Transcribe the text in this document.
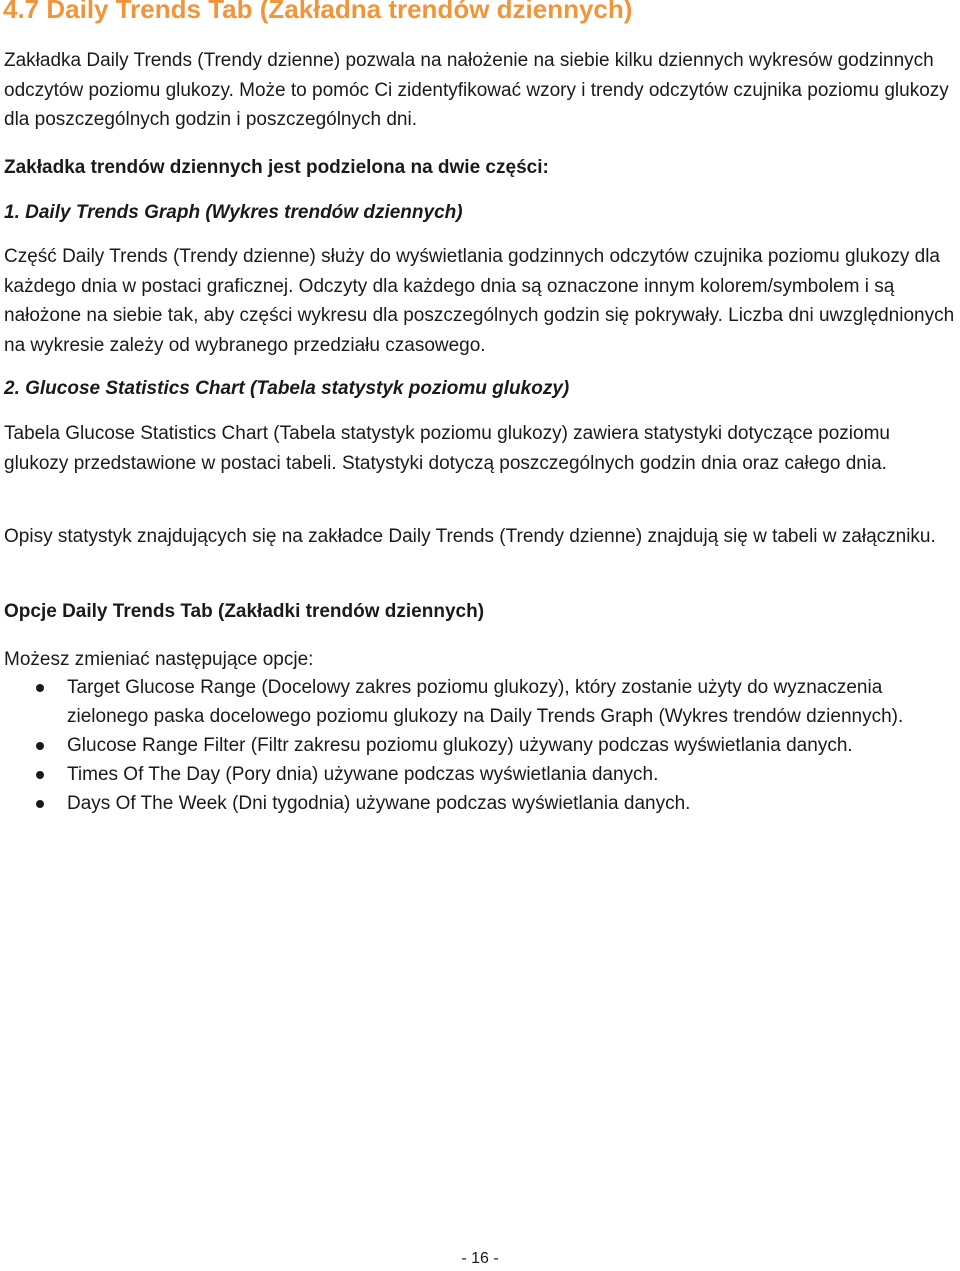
4.7 Daily Trends Tab (Zakładna trendów dziennych)

Zakładka Daily Trends (Trendy dzienne) pozwala na nałożenie na siebie kilku dziennych wykresów godzinnych odczytów poziomu glukozy. Może to pomóc Ci zidentyfikować wzory i trendy odczytów czujnika poziomu glukozy dla poszczególnych godzin i poszczególnych dni.

Zakładka trendów dziennych jest podzielona na dwie części:

1. Daily Trends Graph (Wykres trendów dziennych)

Część Daily Trends (Trendy dzienne) służy do wyświetlania godzinnych odczytów czujnika poziomu glukozy dla każdego dnia w postaci graficznej. Odczyty dla każdego dnia są oznaczone innym kolorem/symbolem i są nałożone na siebie tak, aby części wykresu dla poszczególnych godzin się pokrywały. Liczba dni uwzględnionych na wykresie zależy od wybranego przedziału czasowego.

2. Glucose Statistics Chart (Tabela statystyk poziomu glukozy)

Tabela Glucose Statistics Chart (Tabela statystyk poziomu glukozy) zawiera statystyki dotyczące poziomu glukozy przedstawione w postaci tabeli. Statystyki dotyczą poszczególnych godzin dnia oraz całego dnia.

Opisy statystyk znajdujących się na zakładce Daily Trends (Trendy dzienne) znajdują się w tabeli w załączniku.

Opcje Daily Trends Tab (Zakładki trendów dziennych)

Możesz zmieniać następujące opcje:

Target Glucose Range (Docelowy zakres poziomu glukozy), który zostanie użyty do wyznaczenia zielonego paska docelowego poziomu glukozy na Daily Trends Graph (Wykres trendów dziennych).
Glucose Range Filter (Filtr zakresu poziomu glukozy) używany podczas wyświetlania danych.
Times Of The Day (Pory dnia) używane podczas wyświetlania danych.
Days Of The Week (Dni tygodnia) używane podczas wyświetlania danych.
- 16 -
